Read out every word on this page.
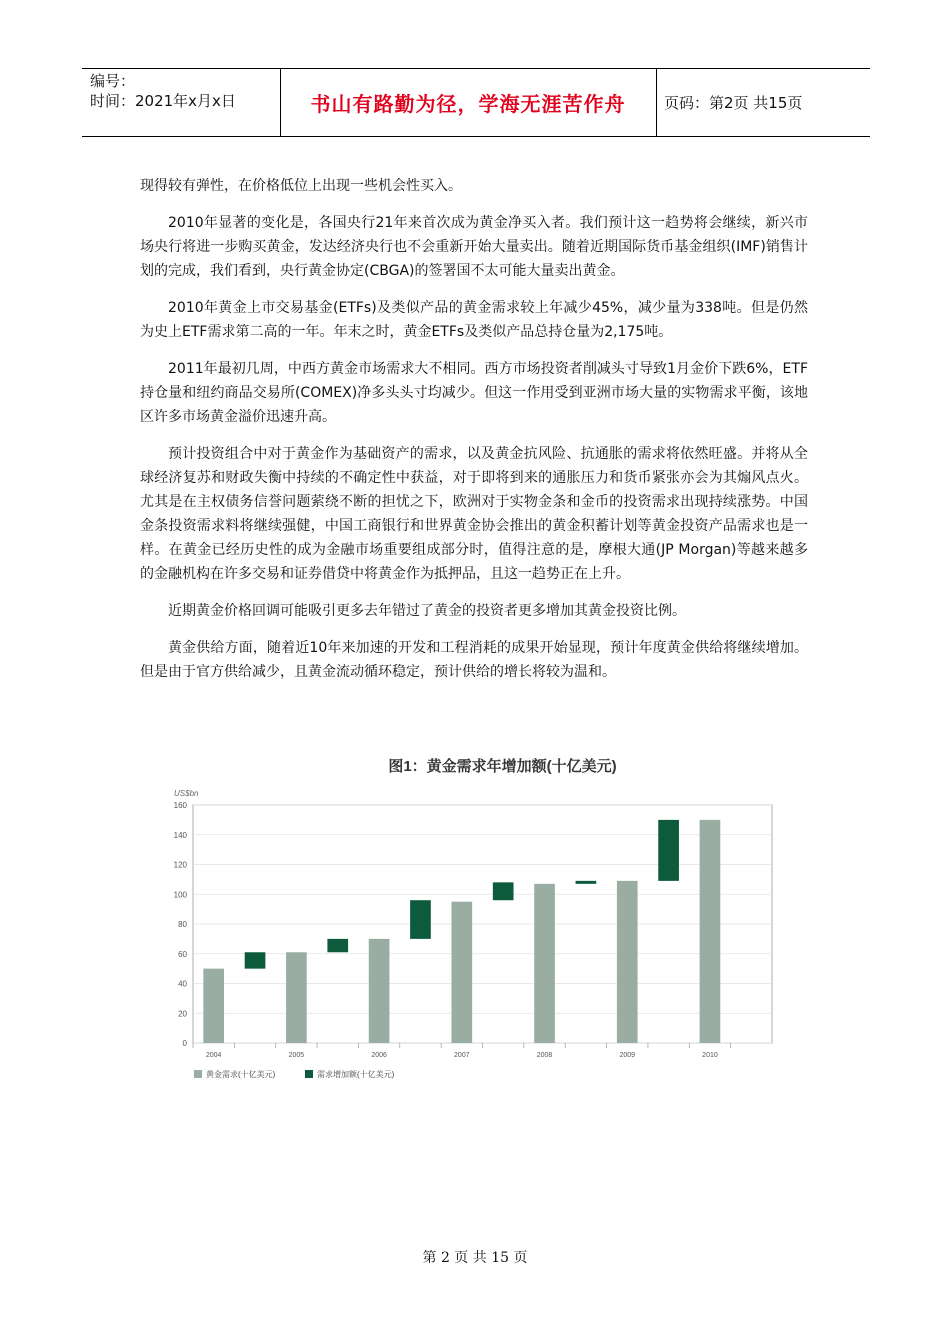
编号：
时间：2021年x月x日	书山有路勤为径，学海无涯苦作舟	页码：第2页 共15页

现得较有弹性，在价格低位上出现一些机会性买入。

2010年显著的变化是，各国央行21年来首次成为黄金净买入者。我们预计这一趋势将会继续，新兴市场央行将进一步购买黄金，发达经济央行也不会重新开始大量卖出。随着近期国际货币基金组织(IMF)销售计划的完成，我们看到，央行黄金协定(CBGA)的签署国不太可能大量卖出黄金。

2010年黄金上市交易基金(ETFs)及类似产品的黄金需求较上年减少45%，减少量为338吨。但是仍然为史上ETF需求第二高的一年。年末之时，黄金ETFs及类似产品总持仓量为2,175吨。

2011年最初几周，中西方黄金市场需求大不相同。西方市场投资者削减头寸导致1月金价下跌6%，ETF持仓量和纽约商品交易所(COMEX)净多头头寸均减少。但这一作用受到亚洲市场大量的实物需求平衡，该地区许多市场黄金溢价迅速升高。

预计投资组合中对于黄金作为基础资产的需求，以及黄金抗风险、抗通胀的需求将依然旺盛。并将从全球经济复苏和财政失衡中持续的不确定性中获益，对于即将到来的通胀压力和货币紧张亦会为其煽风点火。尤其是在主权债务信誉问题萦绕不断的担忧之下，欧洲对于实物金条和金币的投资需求出现持续涨势。中国金条投资需求料将继续强健，中国工商银行和世界黄金协会推出的黄金积蓄计划等黄金投资产品需求也是一样。在黄金已经历史性的成为金融市场重要组成部分时，值得注意的是，摩根大通(JP Morgan)等越来越多的金融机构在许多交易和证券借贷中将黄金作为抵押品，且这一趋势正在上升。

近期黄金价格回调可能吸引更多去年错过了黄金的投资者更多增加其黄金投资比例。

黄金供给方面，随着近10年来加速的开发和工程消耗的成果开始显现，预计年度黄金供给将继续增加。但是由于官方供给减少，且黄金流动循环稳定，预计供给的增长将较为温和。

图1：黄金需求年增加额(十亿美元)
US$bn
0
20
40
60
80
100
120
140
160
2004	2005	2006	2007	2008	2009	2010
黄金需求(十亿美元)	需求增加额(十亿美元)
第 2 页 共 15 页
